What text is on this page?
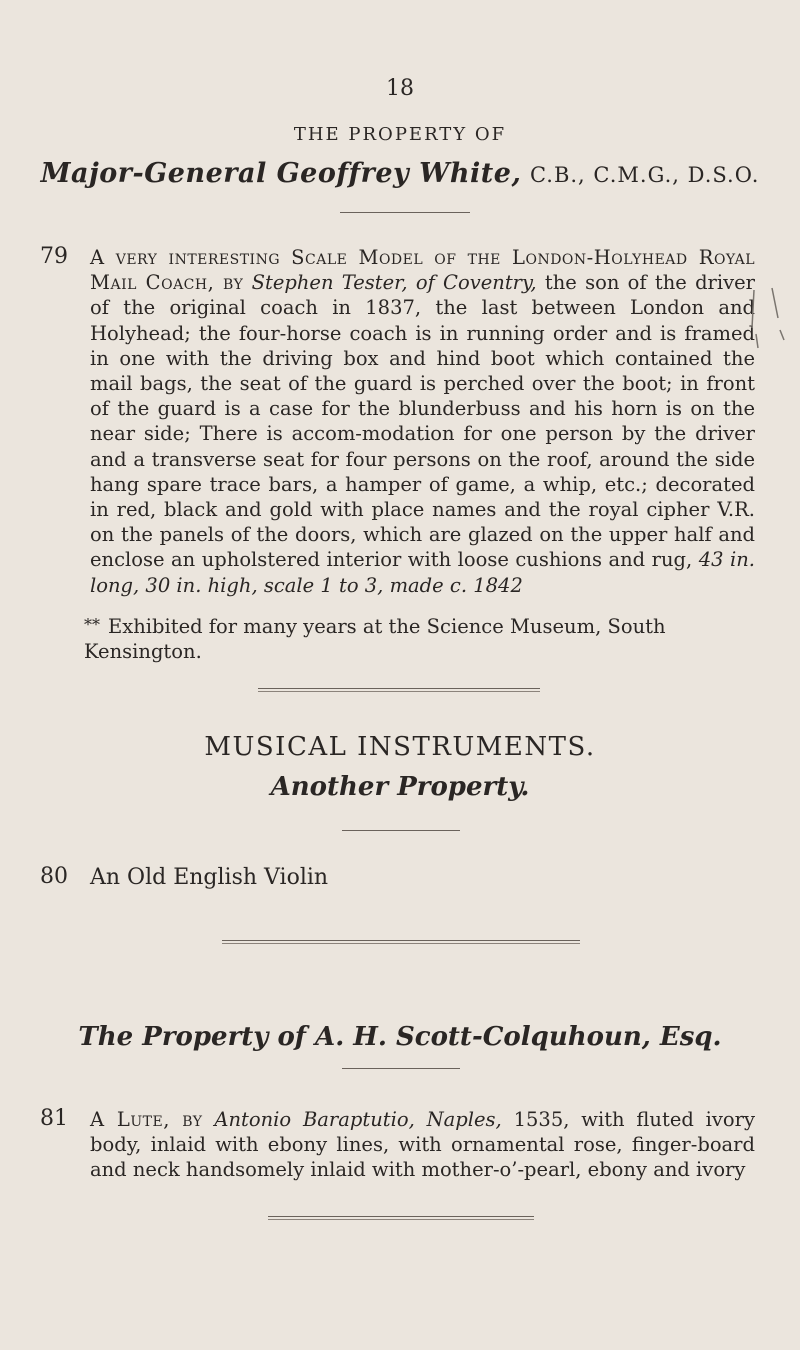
18
THE PROPERTY OF
Major-General Geoffrey White, C.B., C.M.G., D.S.O.
79 A very interesting Scale Model of the London-Holyhead Royal Mail Coach, by Stephen Tester, of Coventry, the son of the driver of the original coach in 1837, the last between London and Holyhead; the four-horse coach is in running order and is framed in one with the driving box and hind boot which contained the mail bags, the seat of the guard is perched over the boot; in front of the guard is a case for the blunderbuss and his horn is on the near side; There is accom-modation for one person by the driver and a transverse seat for four persons on the roof, around the side hang spare trace bars, a hamper of game, a whip, etc.; decorated in red, black and gold with place names and the royal cipher V.R. on the panels of the doors, which are glazed on the upper half and enclose an upholstered interior with loose cushions and rug, 43 in. long, 30 in. high, scale 1 to 3, made c. 1842
** Exhibited for many years at the Science Museum, South Kensington.
MUSICAL INSTRUMENTS.
Another Property.
80 An Old English Violin
The Property of A. H. Scott-Colquhoun, Esq.
81 A Lute, by Antonio Baraptutio, Naples, 1535, with fluted ivory body, inlaid with ebony lines, with ornamental rose, finger-board and neck handsomely inlaid with mother-o’-pearl, ebony and ivory
